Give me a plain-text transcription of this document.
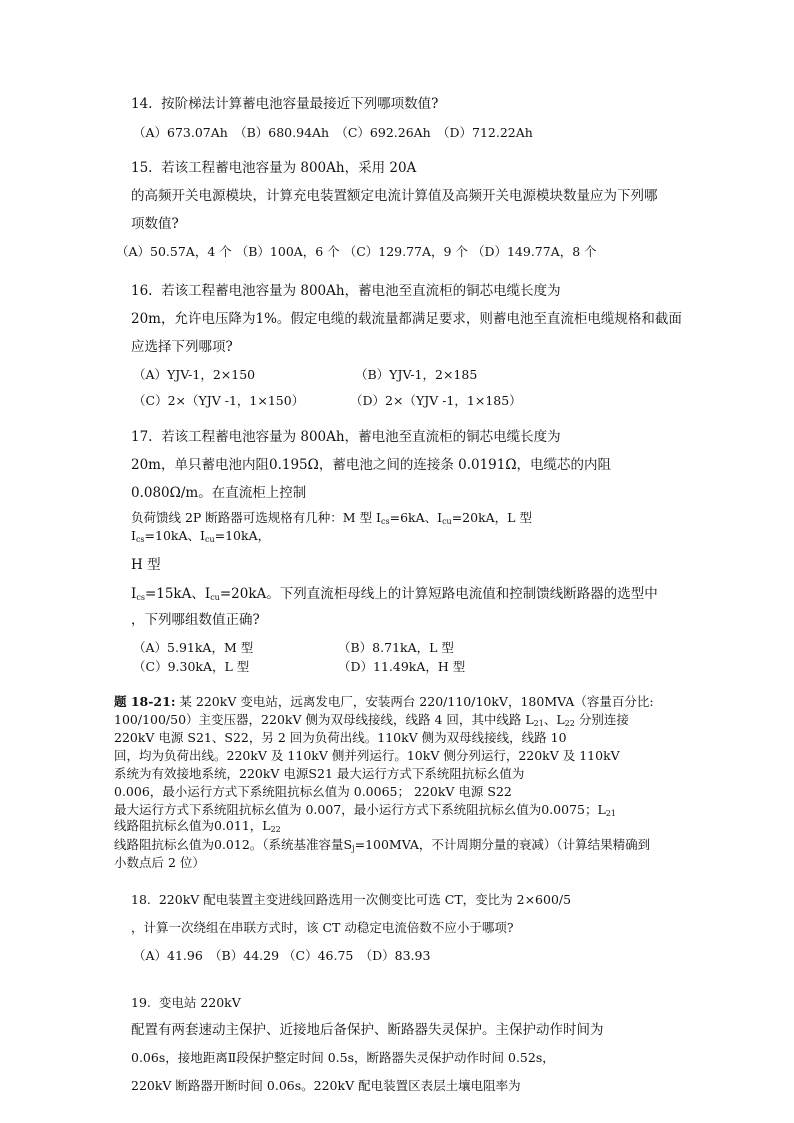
14. 按阶梯法计算蓄电池容量最接近下列哪项数值?
（A）673.07Ah　（B）680.94Ah　（C）692.26Ah　（D）712.22Ah
15. 若该工程蓄电池容量为 800Ah，采用 20A
的高频开关电源模块，计算充电装置额定电流计算值及高频开关电源模块数量应为下列哪
项数值?
（A）50.57A，4 个 （B）100A，6 个 （C）129.77A，9 个 （D）149.77A，8 个
16. 若该工程蓄电池容量为 800Ah，蓄电池至直流柜的铜芯电缆长度为
20m，允许电压降为1%。假定电缆的载流量都满足要求，则蓄电池至直流柜电缆规格和截面
应选择下列哪项?
（A）YJV-1，2×150	（B）YJV-1，2×185
（C）2×（YJV -1，1×150）	（D）2×（YJV -1，1×185）
17. 若该工程蓄电池容量为 800Ah，蓄电池至直流柜的铜芯电缆长度为
20m，单只蓄电池内阻0.195Ω，蓄电池之间的连接条 0.0191Ω，电缆芯的内阻
0.080Ω/m。在直流柜上控制
负荷馈线 2P 断路器可选规格有几种：M 型 $I_{cs}=6kA$、$I_{cu}=20kA$，L 型
$I_{cs}=10kA$、$I_{cu}=10kA$，
H 型
$I_{cs}=15kA$、$I_{cu}=20kA$。下列直流柜母线上的计算短路电流值和控制馈线断路器的选型中
，下列哪组数值正确?
（A）5.91kA，M 型	（B）8.71kA，L 型
（C）9.30kA，L 型	（D）11.49kA，H 型
题 18-21: 某 220kV 变电站，远离发电厂，安装两台 220/110/10kV，180MVA（容量百分比:
100/100/50）主变压器，220kV 侧为双母线接线，线路 4 回，其中线路 $L_{21}$、$L_{22}$ 分别连接
220kV 电源 S21、S22，另 2 回为负荷出线。110kV 侧为双母线接线，线路 10
回，均为负荷出线。220kV 及 110kV 侧并列运行。10kV 侧分列运行，220kV 及 110kV
系统为有效接地系统，220kV 电源S21 最大运行方式下系统阻抗标幺值为
0.006，最小运行方式下系统阻抗标幺值为 0.0065； 220kV 电源 S22
最大运行方式下系统阻抗标幺值为 0.007，最小运行方式下系统阻抗标幺值为0.0075；$L_{21}$
线路阻抗标幺值为0.011，$L_{22}$
线路阻抗标幺值为0.012。（系统基准容量$S_j=100MVA$，不计周期分量的衰减）（计算结果精确到
小数点后 2 位）
18. 220kV 配电装置主变进线回路选用一次侧变比可选 CT，变比为 2×600/5
，计算一次绕组在串联方式时，该 CT 动稳定电流倍数不应小于哪项?
（A）41.96　（B）44.29 （C）46.75　（D）83.93
19. 变电站 220kV
配置有两套速动主保护、近接地后备保护、断路器失灵保护。主保护动作时间为
0.06s，接地距离Ⅱ段保护整定时间 0.5s，断路器失灵保护动作时间 0.52s，
220kV 断路器开断时间 0.06s。220kV 配电装置区表层土壤电阻率为
